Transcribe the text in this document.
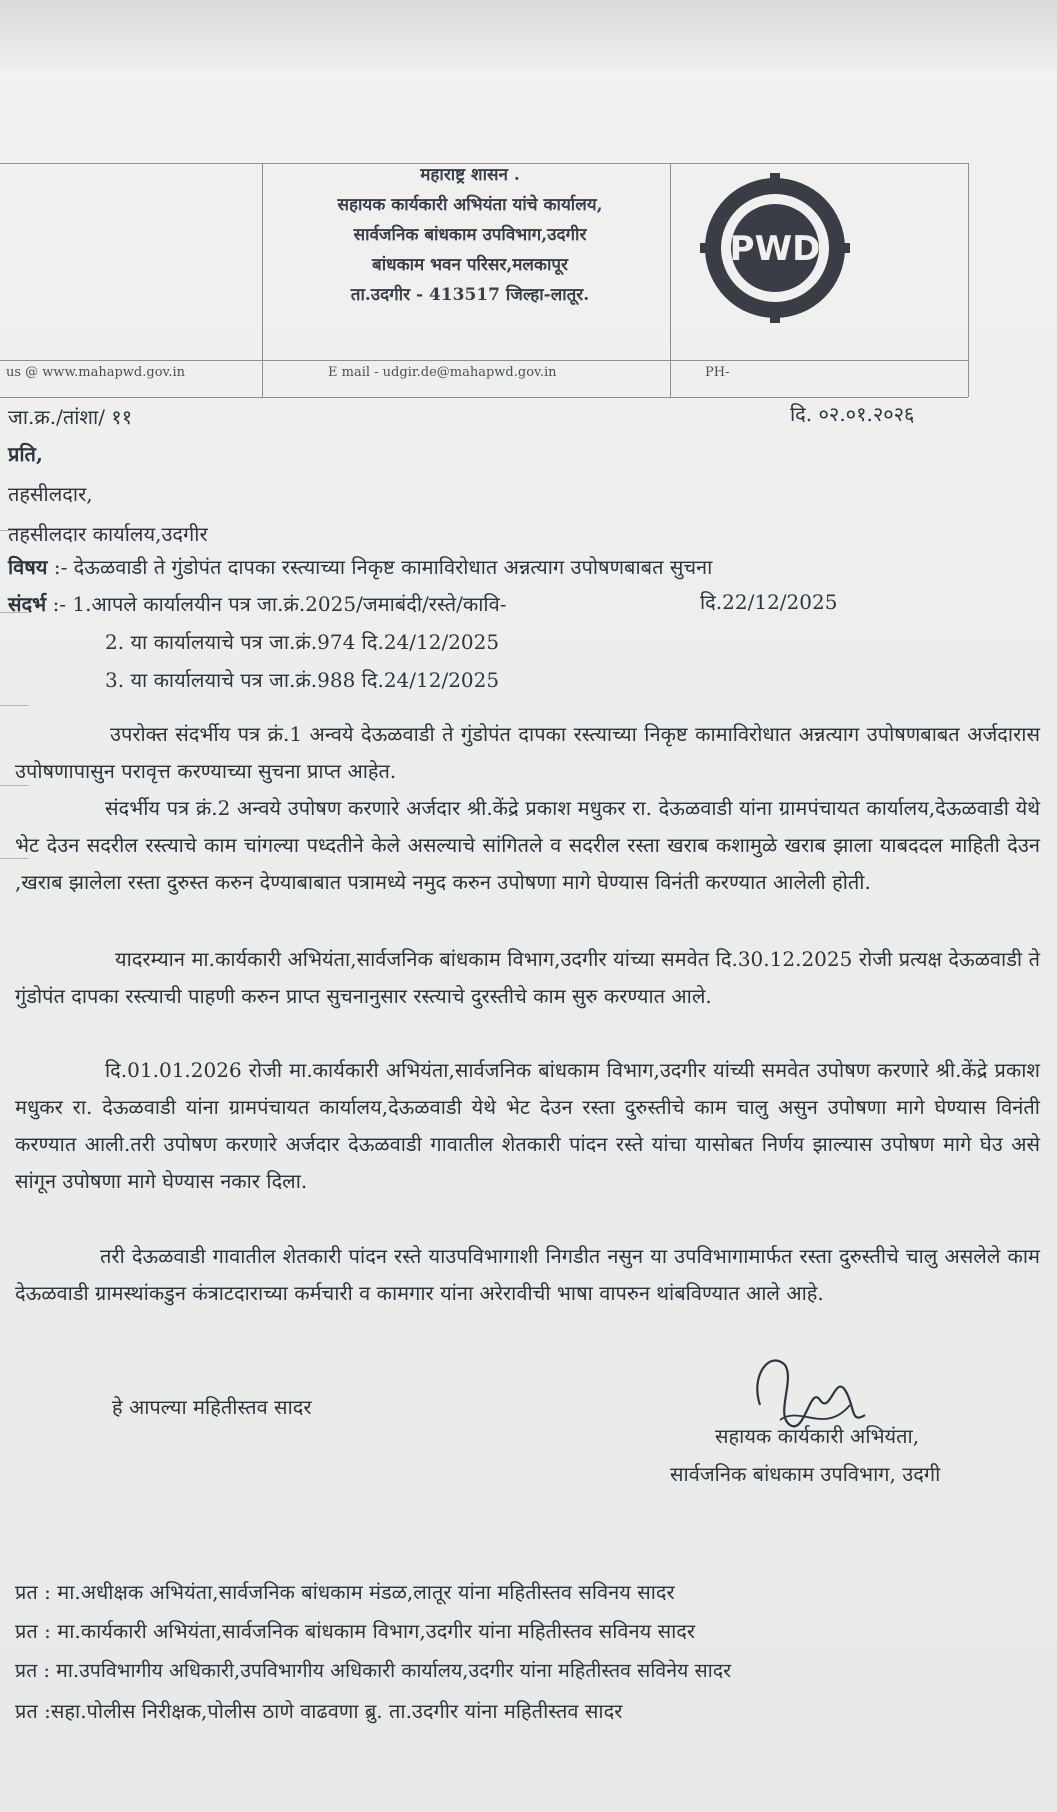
महाराष्ट्र शासन .
सहायक कार्यकारी अभियंता यांचे कार्यालय,
सार्वजनिक बांधकाम उपविभाग,उदगीर
बांधकाम भवन परिसर,मलकापूर
ता.उदगीर - 413517 जिल्हा-लातूर.
PWD
us @ www.mahapwd.gov.in	E mail - udgir.de@mahapwd.gov.in	PH-
जा.क्र./तांशा/ ११	दि. ०२.०१.२०२६
प्रति,
तहसीलदार,
तहसीलदार कार्यालय,उदगीर
विषय :- देऊळवाडी ते गुंडोपंत दापका रस्त्याच्या निकृष्ट कामाविरोधात अन्नत्याग उपोषणबाबत सुचना
संदर्भ :- 1.आपले कार्यालयीन पत्र जा.क्रं.2025/जमाबंदी/रस्ते/कावि-	दि.22/12/2025
2. या कार्यालयाचे पत्र जा.क्रं.974 दि.24/12/2025
3. या कार्यालयाचे पत्र जा.क्रं.988 दि.24/12/2025
उपरोक्त संदर्भीय पत्र क्रं.1 अन्वये देऊळवाडी ते गुंडोपंत दापका रस्त्याच्या निकृष्ट कामाविरोधात अन्नत्याग उपोषणबाबत अर्जदारास उपोषणापासुन परावृत्त करण्याच्या सुचना प्राप्त आहेत.
संदर्भीय पत्र क्रं.2 अन्वये उपोषण करणारे अर्जदार श्री.केंद्रे प्रकाश मधुकर रा. देऊळवाडी यांना ग्रामपंचायत कार्यालय,देऊळवाडी येथे भेट देउन सदरील रस्त्याचे काम चांगल्या पध्दतीने केले असल्याचे सांगितले व सदरील रस्ता खराब कशामुळे खराब झाला याबददल माहिती देउन ,खराब झालेला रस्ता दुरुस्त करुन देण्याबाबात पत्रामध्ये नमुद करुन उपोषणा मागे घेण्यास विनंती करण्यात आलेली होती.
यादरम्यान मा.कार्यकारी अभियंता,सार्वजनिक बांधकाम विभाग,उदगीर यांच्या समवेत दि.30.12.2025 रोजी प्रत्यक्ष देऊळवाडी ते गुंडोपंत दापका रस्त्याची पाहणी करुन प्राप्त सुचनानुसार रस्त्याचे दुरस्तीचे काम सुरु करण्यात आले.
दि.01.01.2026 रोजी मा.कार्यकारी अभियंता,सार्वजनिक बांधकाम विभाग,उदगीर यांच्यी समवेत उपोषण करणारे श्री.केंद्रे प्रकाश मधुकर रा. देऊळवाडी यांना ग्रामपंचायत कार्यालय,देऊळवाडी येथे भेट देउन रस्ता दुरुस्तीचे काम चालु असुन उपोषणा मागे घेण्यास विनंती करण्यात आली.तरी उपोषण करणारे अर्जदार देऊळवाडी गावातील शेतकारी पांदन रस्ते यांचा यासोबत निर्णय झाल्यास उपोषण मागे घेउ असे सांगून उपोषणा मागे घेण्यास नकार दिला.
तरी देऊळवाडी गावातील शेतकारी पांदन रस्ते याउपविभागाशी निगडीत नसुन या उपविभागामार्फत रस्ता दुरुस्तीचे चालु असलेले काम देऊळवाडी ग्रामस्थांकडुन कंत्राटदाराच्या कर्मचारी व कामगार यांना अरेरावीची भाषा वापरुन थांबविण्यात आले आहे.
हे आपल्या महितीस्तव सादर
सहायक कार्यकारी अभियंता,
सार्वजनिक बांधकाम उपविभाग, उदगी
प्रत : मा.अधीक्षक अभियंता,सार्वजनिक बांधकाम मंडळ,लातूर यांना महितीस्तव सविनय सादर
प्रत : मा.कार्यकारी अभियंता,सार्वजनिक बांधकाम विभाग,उदगीर यांना महितीस्तव सविनय सादर
प्रत : मा.उपविभागीय अधिकारी,उपविभागीय अधिकारी कार्यालय,उदगीर यांना महितीस्तव सविनेय सादर
प्रत :सहा.पोलीस निरीक्षक,पोलीस ठाणे वाढवणा ब्रु. ता.उदगीर यांना महितीस्तव सादर
